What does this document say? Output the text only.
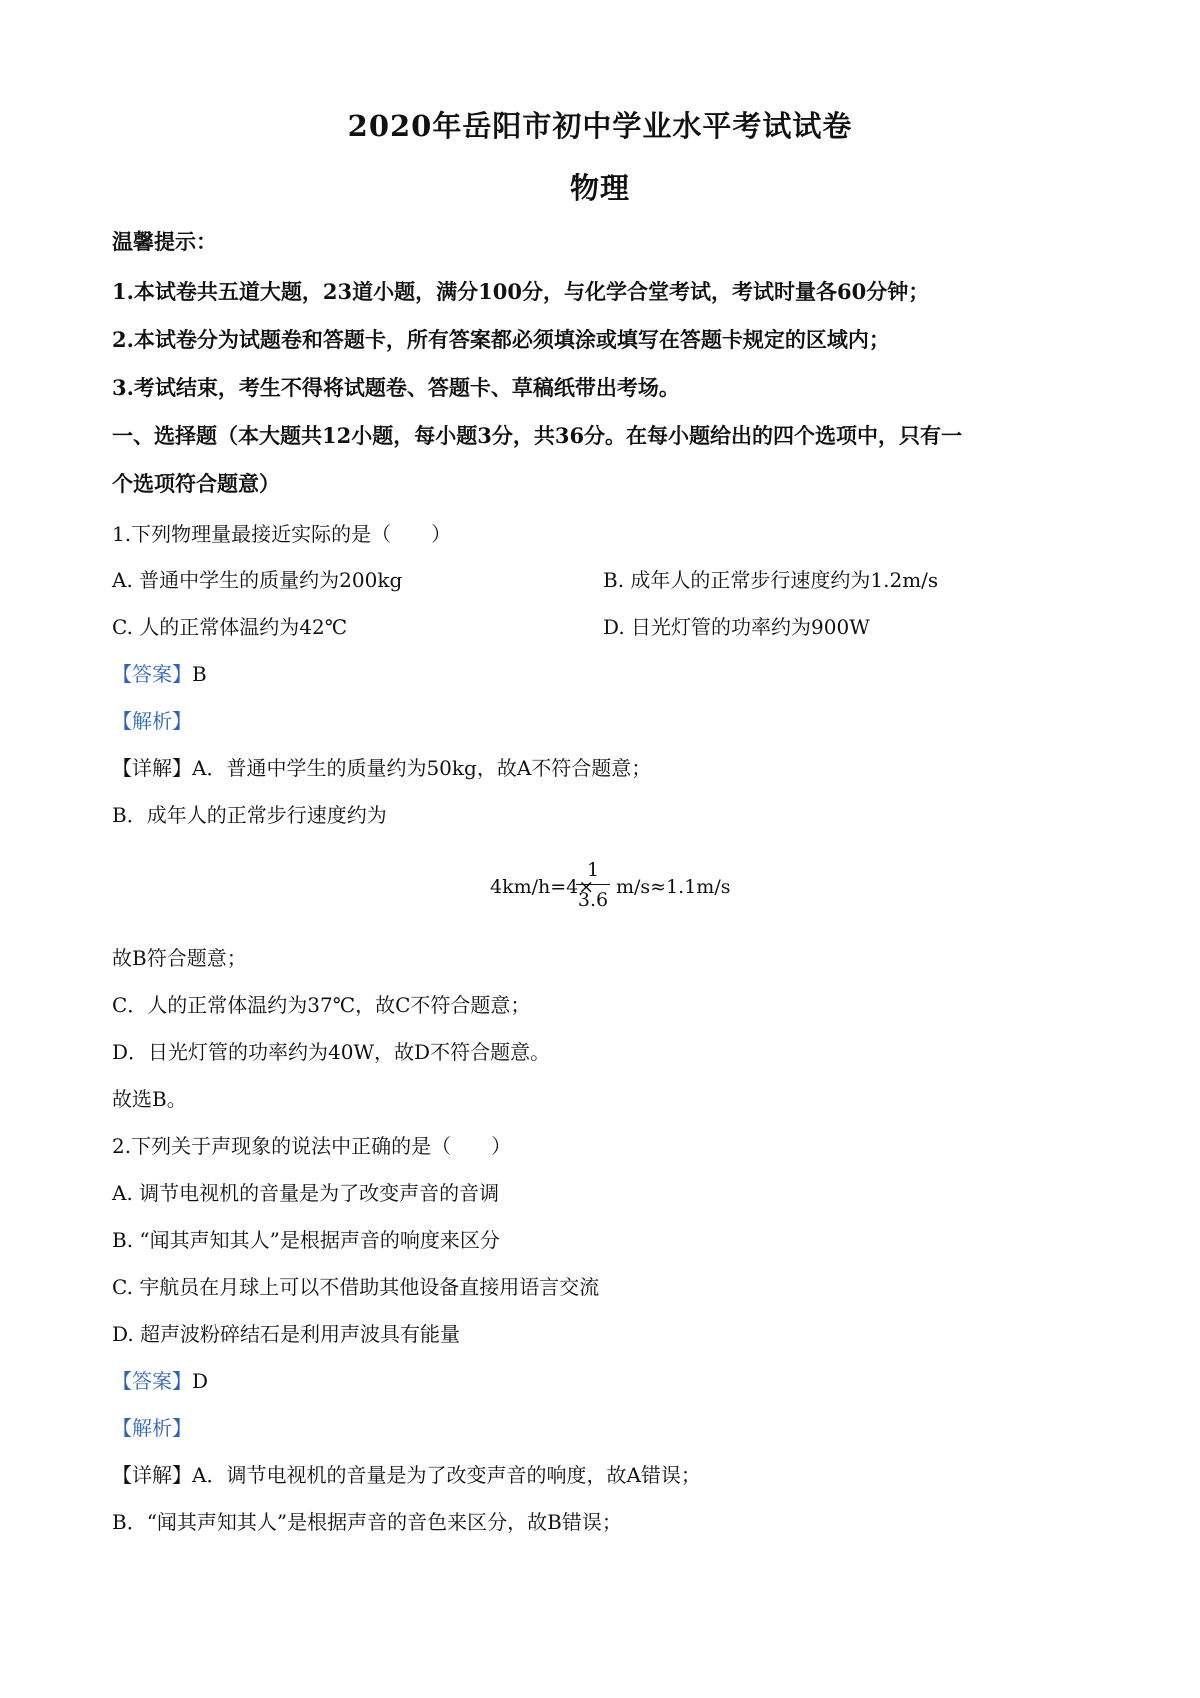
2020年岳阳市初中学业水平考试试卷
物理
温馨提示：
1.本试卷共五道大题，23道小题，满分100分，与化学合堂考试，考试时量各60分钟；
2.本试卷分为试题卷和答题卡，所有答案都必须填涂或填写在答题卡规定的区域内；
3.考试结束，考生不得将试题卷、答题卡、草稿纸带出考场。
一、选择题（本大题共12小题，每小题3分，共36分。在每小题给出的四个选项中，只有一
个选项符合题意）
1.下列物理量最接近实际的是（　　）
A. 普通中学生的质量约为200kg	B. 成年人的正常步行速度约为1.2m/s
C. 人的正常体温约为42℃	D. 日光灯管的功率约为900W
【答案】B
【解析】
【详解】A．普通中学生的质量约为50kg，故A不符合题意；
B．成年人的正常步行速度约为
4km/h=4×
1
3.6
m/s≈1.1m/s
故B符合题意；
C．人的正常体温约为37℃，故C不符合题意；
D．日光灯管的功率约为40W，故D不符合题意。
故选B。
2.下列关于声现象的说法中正确的是（　　）
A. 调节电视机的音量是为了改变声音的音调
B. “闻其声知其人”是根据声音的响度来区分
C. 宇航员在月球上可以不借助其他设备直接用语言交流
D. 超声波粉碎结石是利用声波具有能量
【答案】D
【解析】
【详解】A．调节电视机的音量是为了改变声音的响度，故A错误；
B．“闻其声知其人”是根据声音的音色来区分，故B错误；
